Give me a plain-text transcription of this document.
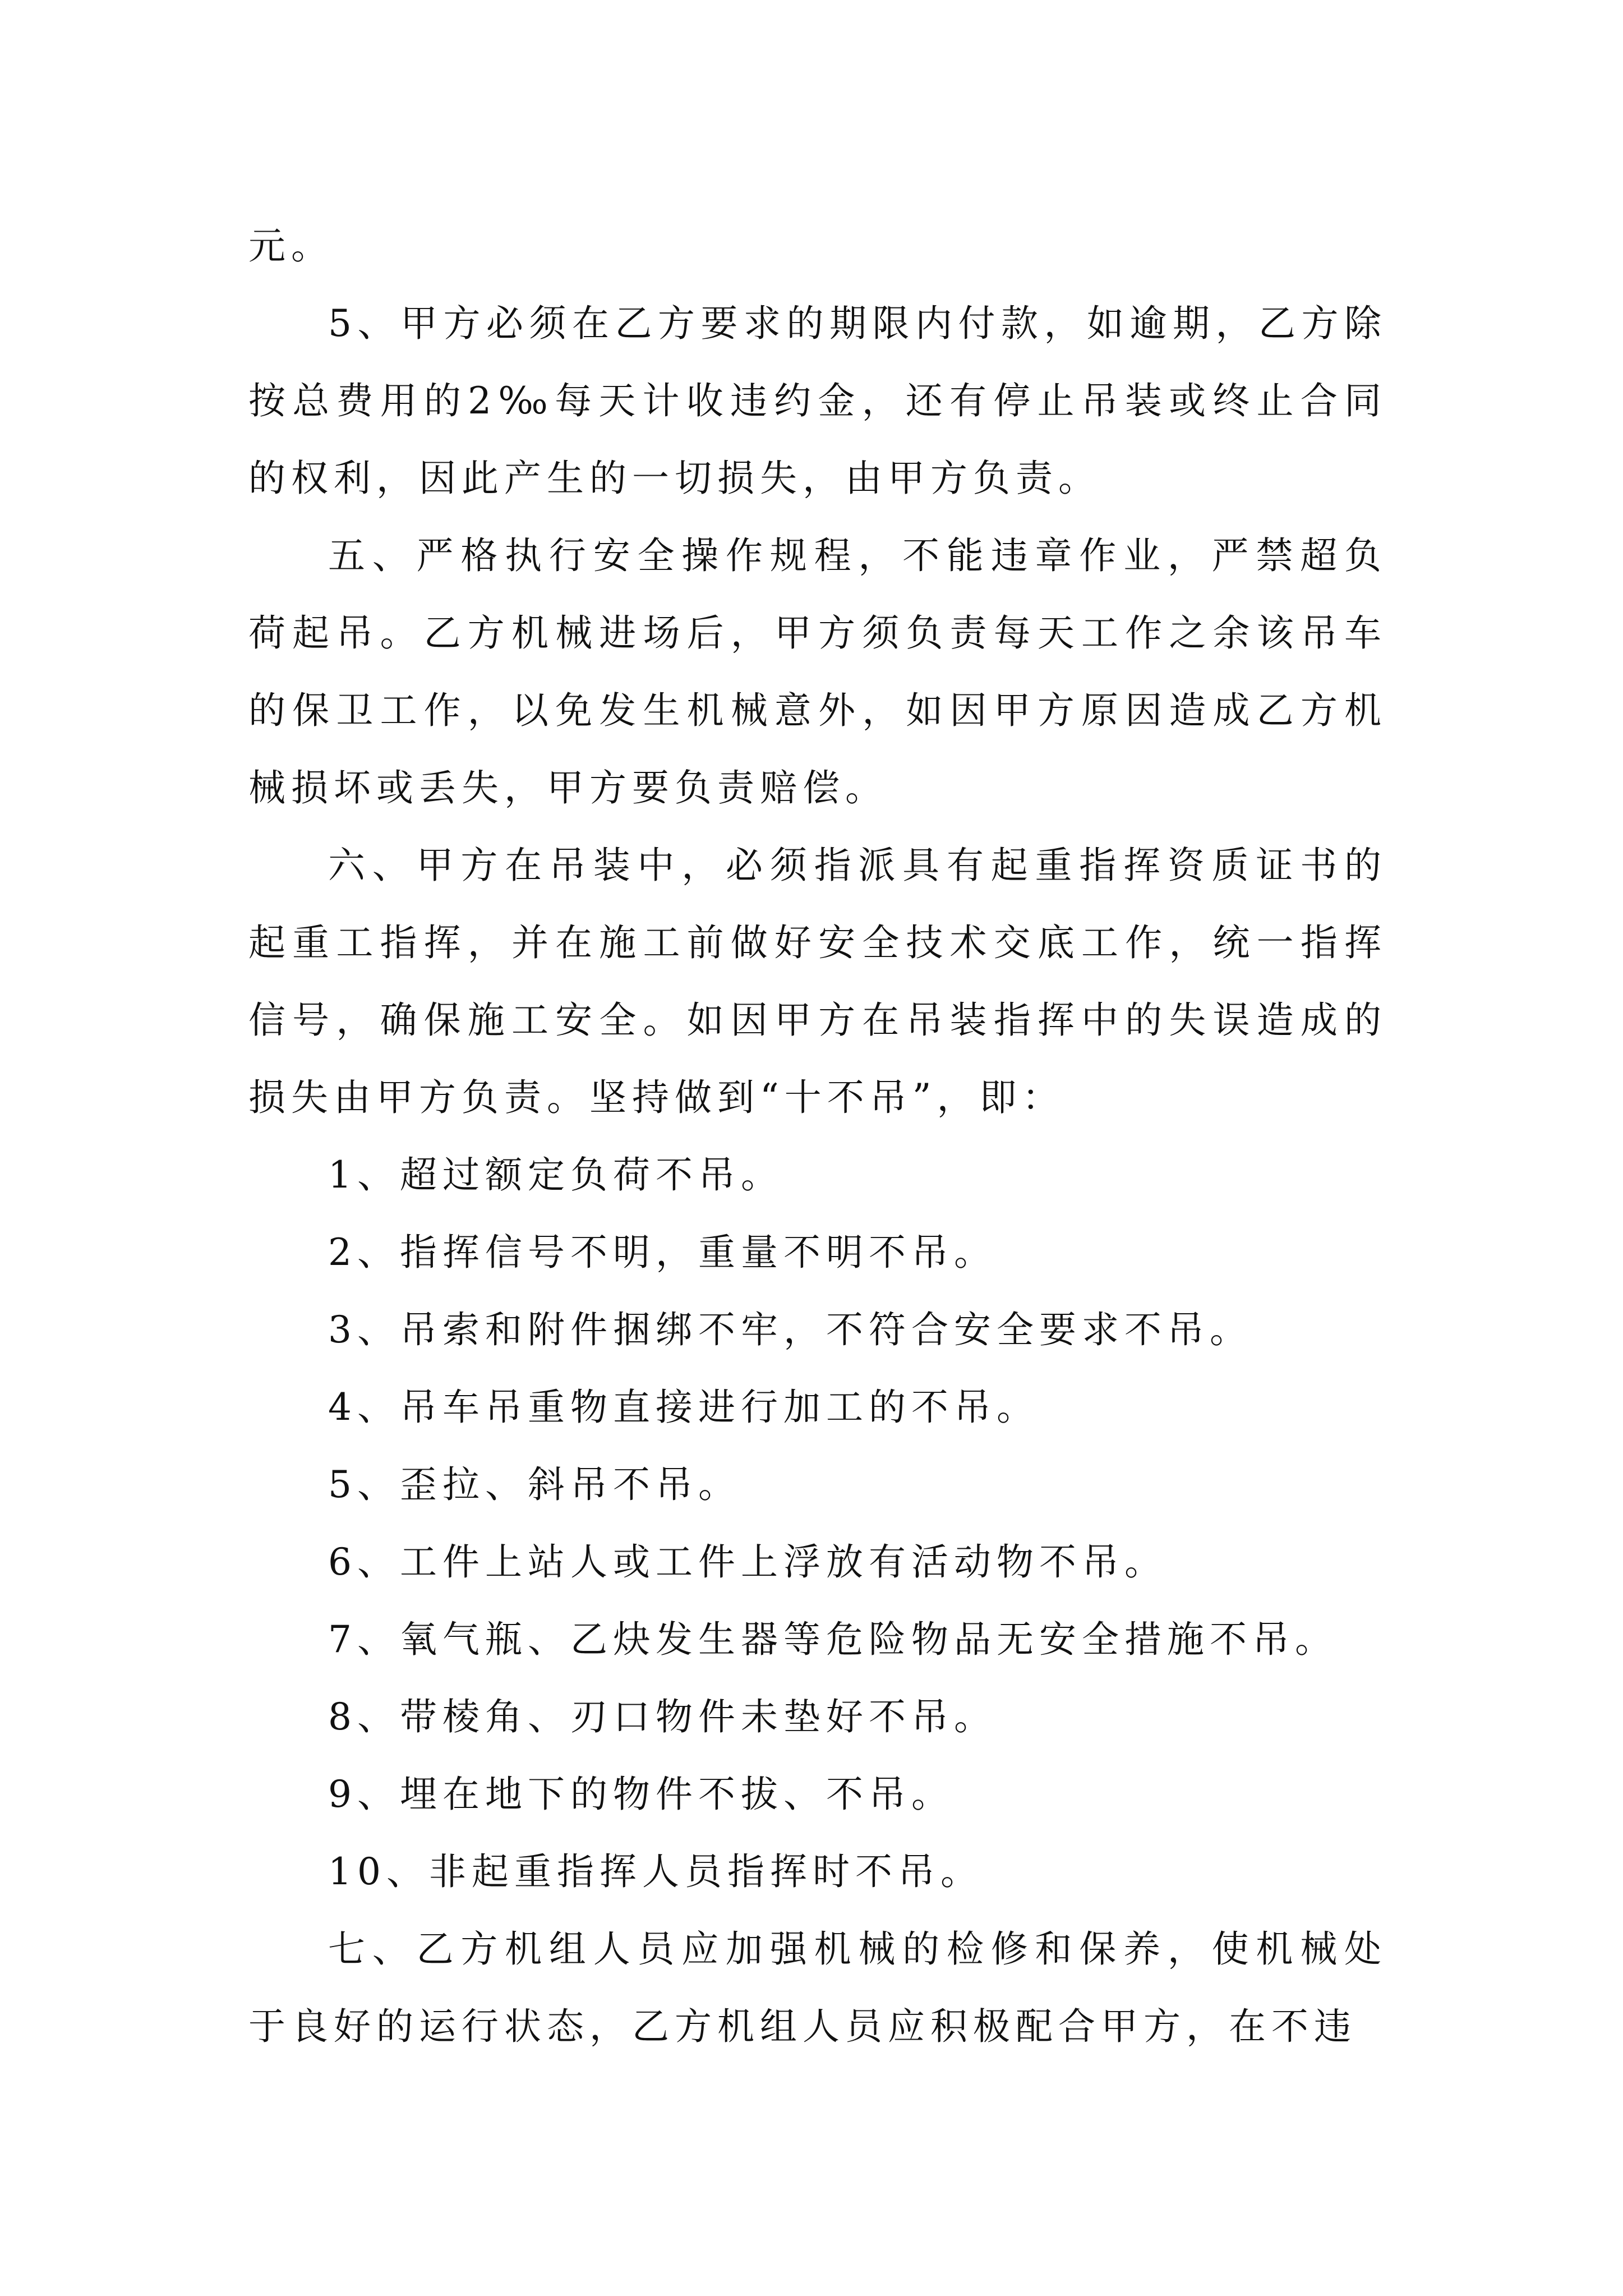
元。

5、甲方必须在乙方要求的期限内付款，如逾期，乙方除按总费用的2‰每天计收违约金，还有停止吊装或终止合同的权利，因此产生的一切损失，由甲方负责。

五、严格执行安全操作规程，不能违章作业，严禁超负荷起吊。乙方机械进场后，甲方须负责每天工作之余该吊车的保卫工作，以免发生机械意外，如因甲方原因造成乙方机械损坏或丢失，甲方要负责赔偿。

六、甲方在吊装中，必须指派具有起重指挥资质证书的起重工指挥，并在施工前做好安全技术交底工作，统一指挥信号，确保施工安全。如因甲方在吊装指挥中的失误造成的损失由甲方负责。坚持做到“十不吊”，即：

1、超过额定负荷不吊。

2、指挥信号不明，重量不明不吊。

3、吊索和附件捆绑不牢，不符合安全要求不吊。

4、吊车吊重物直接进行加工的不吊。

5、歪拉、斜吊不吊。

6、工件上站人或工件上浮放有活动物不吊。

7、氧气瓶、乙炔发生器等危险物品无安全措施不吊。

8、带棱角、刃口物件未垫好不吊。

9、埋在地下的物件不拔、不吊。

10、非起重指挥人员指挥时不吊。

七、乙方机组人员应加强机械的检修和保养，使机械处于良好的运行状态，乙方机组人员应积极配合甲方，在不违
